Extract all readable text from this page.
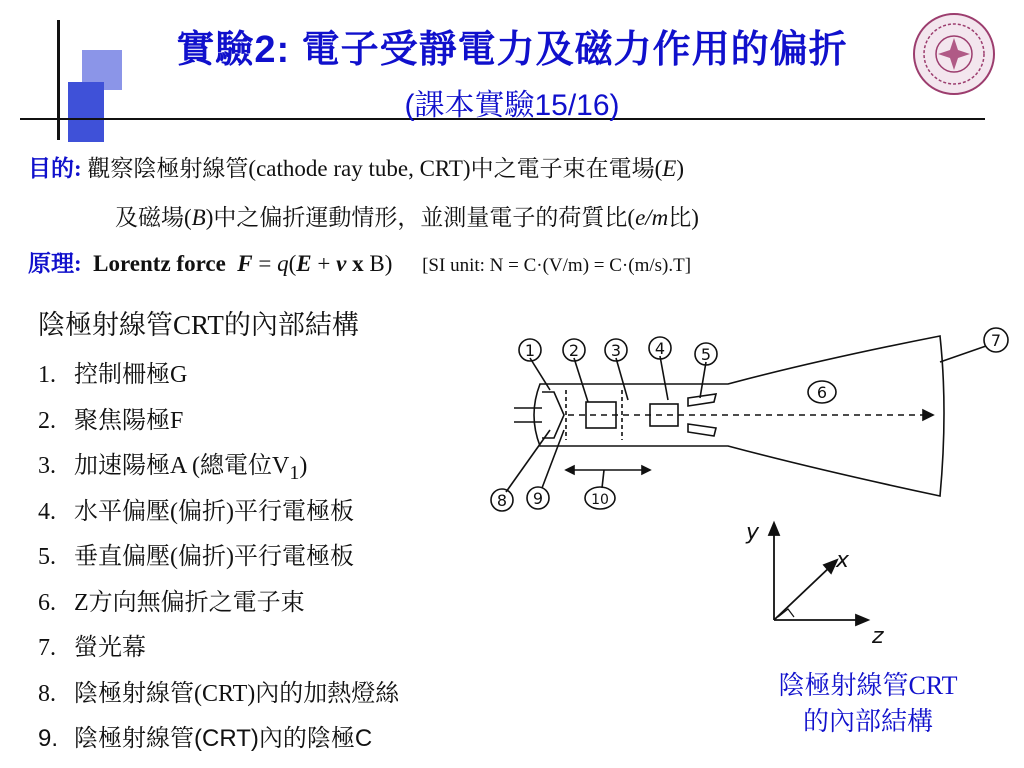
實驗2: 電子受靜電力及磁力作用的偏折
(課本實驗15/16)
目的: 觀察陰極射線管(cathode ray tube, CRT)中之電子束在電場(E)
及磁場(B)中之偏折運動情形，並測量電子的荷質比(e/m比)
原理: Lorentz force F = q(E + v x B) [SI unit: N = C·(V/m) = C·(m/s).T]
陰極射線管CRT的內部結構
1. 控制柵極G
2. 聚焦陽極F
3. 加速陽極A (總電位$V_1$)
4. 水平偏壓(偏折)平行電極板
5. 垂直偏壓(偏折)平行電極板
6. Z方向無偏折之電子束
7. 螢光幕
8. 陰極射線管(CRT)內的加熱燈絲
9. 陰極射線管(CRT)內的陰極C
1 2 3 4 5
6
7
8 9	10
y
x
z
陰極射線管CRT
的內部結構
